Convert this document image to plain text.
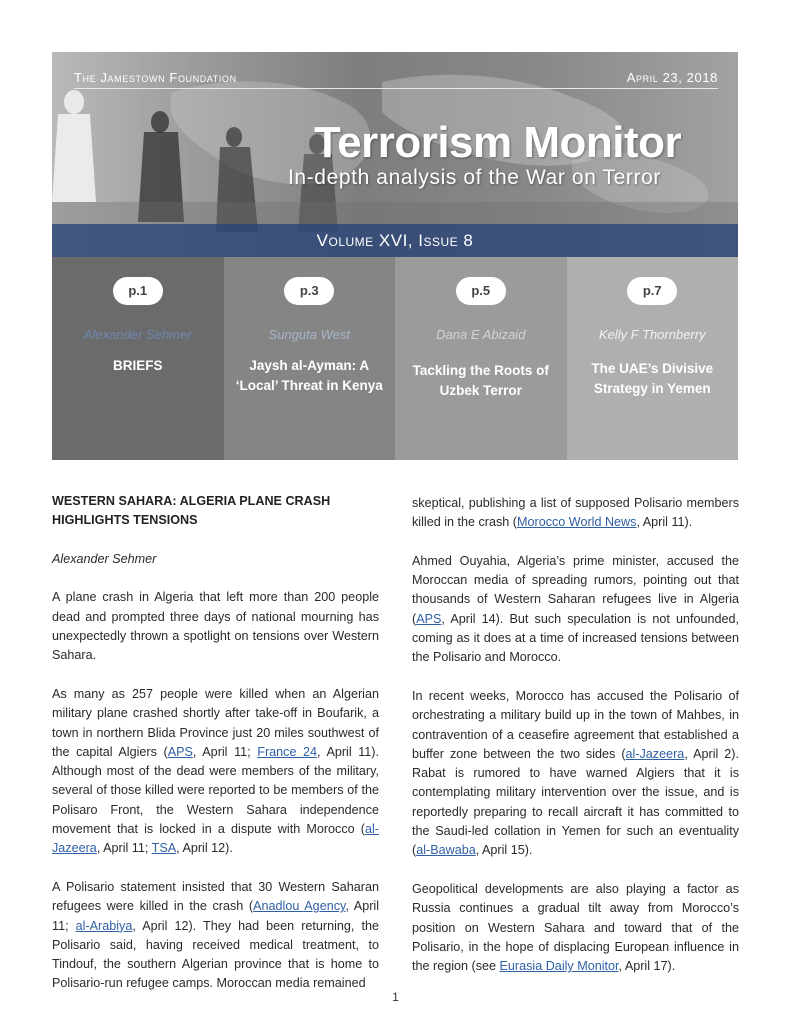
The Jamestown Foundation	April 23, 2018
Terrorism Monitor
In-depth analysis of the War on Terror
Volume XVI, Issue 8
p.1
Alexander Sehmer
BRIEFS
p.3
Sunguta West
Jaysh al-Ayman: A ‘Local’ Threat in Kenya
p.5
Dana E Abizaid
Tackling the Roots of Uzbek Terror
p.7
Kelly F Thornberry
The UAE’s Divisive Strategy in Yemen
WESTERN SAHARA: ALGERIA PLANE CRASH HIGHLIGHTS TENSIONS

Alexander Sehmer

A plane crash in Algeria that left more than 200 people dead and prompted three days of national mourning has unexpectedly thrown a spotlight on tensions over Western Sahara.

As many as 257 people were killed when an Algerian military plane crashed shortly after take-off in Boufarik, a town in northern Blida Province just 20 miles southwest of the capital Algiers (APS, April 11; France 24, April 11). Although most of the dead were members of the military, several of those killed were reported to be members of the Polisaro Front, the Western Sahara independence movement that is locked in a dispute with Morocco (al-Jazeera, April 11; TSA, April 12).

A Polisario statement insisted that 30 Western Saharan refugees were killed in the crash (Anadlou Agency, April 11; al-Arabiya, April 12). They had been returning, the Polisario said, having received medical treatment, to Tindouf, the southern Algerian province that is home to Polisario-run refugee camps. Moroccan media remained

skeptical, publishing a list of supposed Polisario members killed in the crash (Morocco World News, April 11).

Ahmed Ouyahia, Algeria’s prime minister, accused the Moroccan media of spreading rumors, pointing out that thousands of Western Saharan refugees live in Algeria (APS, April 14). But such speculation is not unfounded, coming as it does at a time of increased tensions between the Polisario and Morocco.

In recent weeks, Morocco has accused the Polisario of orchestrating a military build up in the town of Mahbes, in contravention of a ceasefire agreement that established a buffer zone between the two sides (al-Jazeera, April 2). Rabat is rumored to have warned Algiers that it is contemplating military intervention over the issue, and is reportedly preparing to recall aircraft it has committed to the Saudi-led collation in Yemen for such an eventuality (al-Bawaba, April 15).

Geopolitical developments are also playing a factor as Russia continues a gradual tilt away from Morocco’s position on Western Sahara and toward that of the Polisario, in the hope of displacing European influence in the region (see Eurasia Daily Monitor, April 17).

1
